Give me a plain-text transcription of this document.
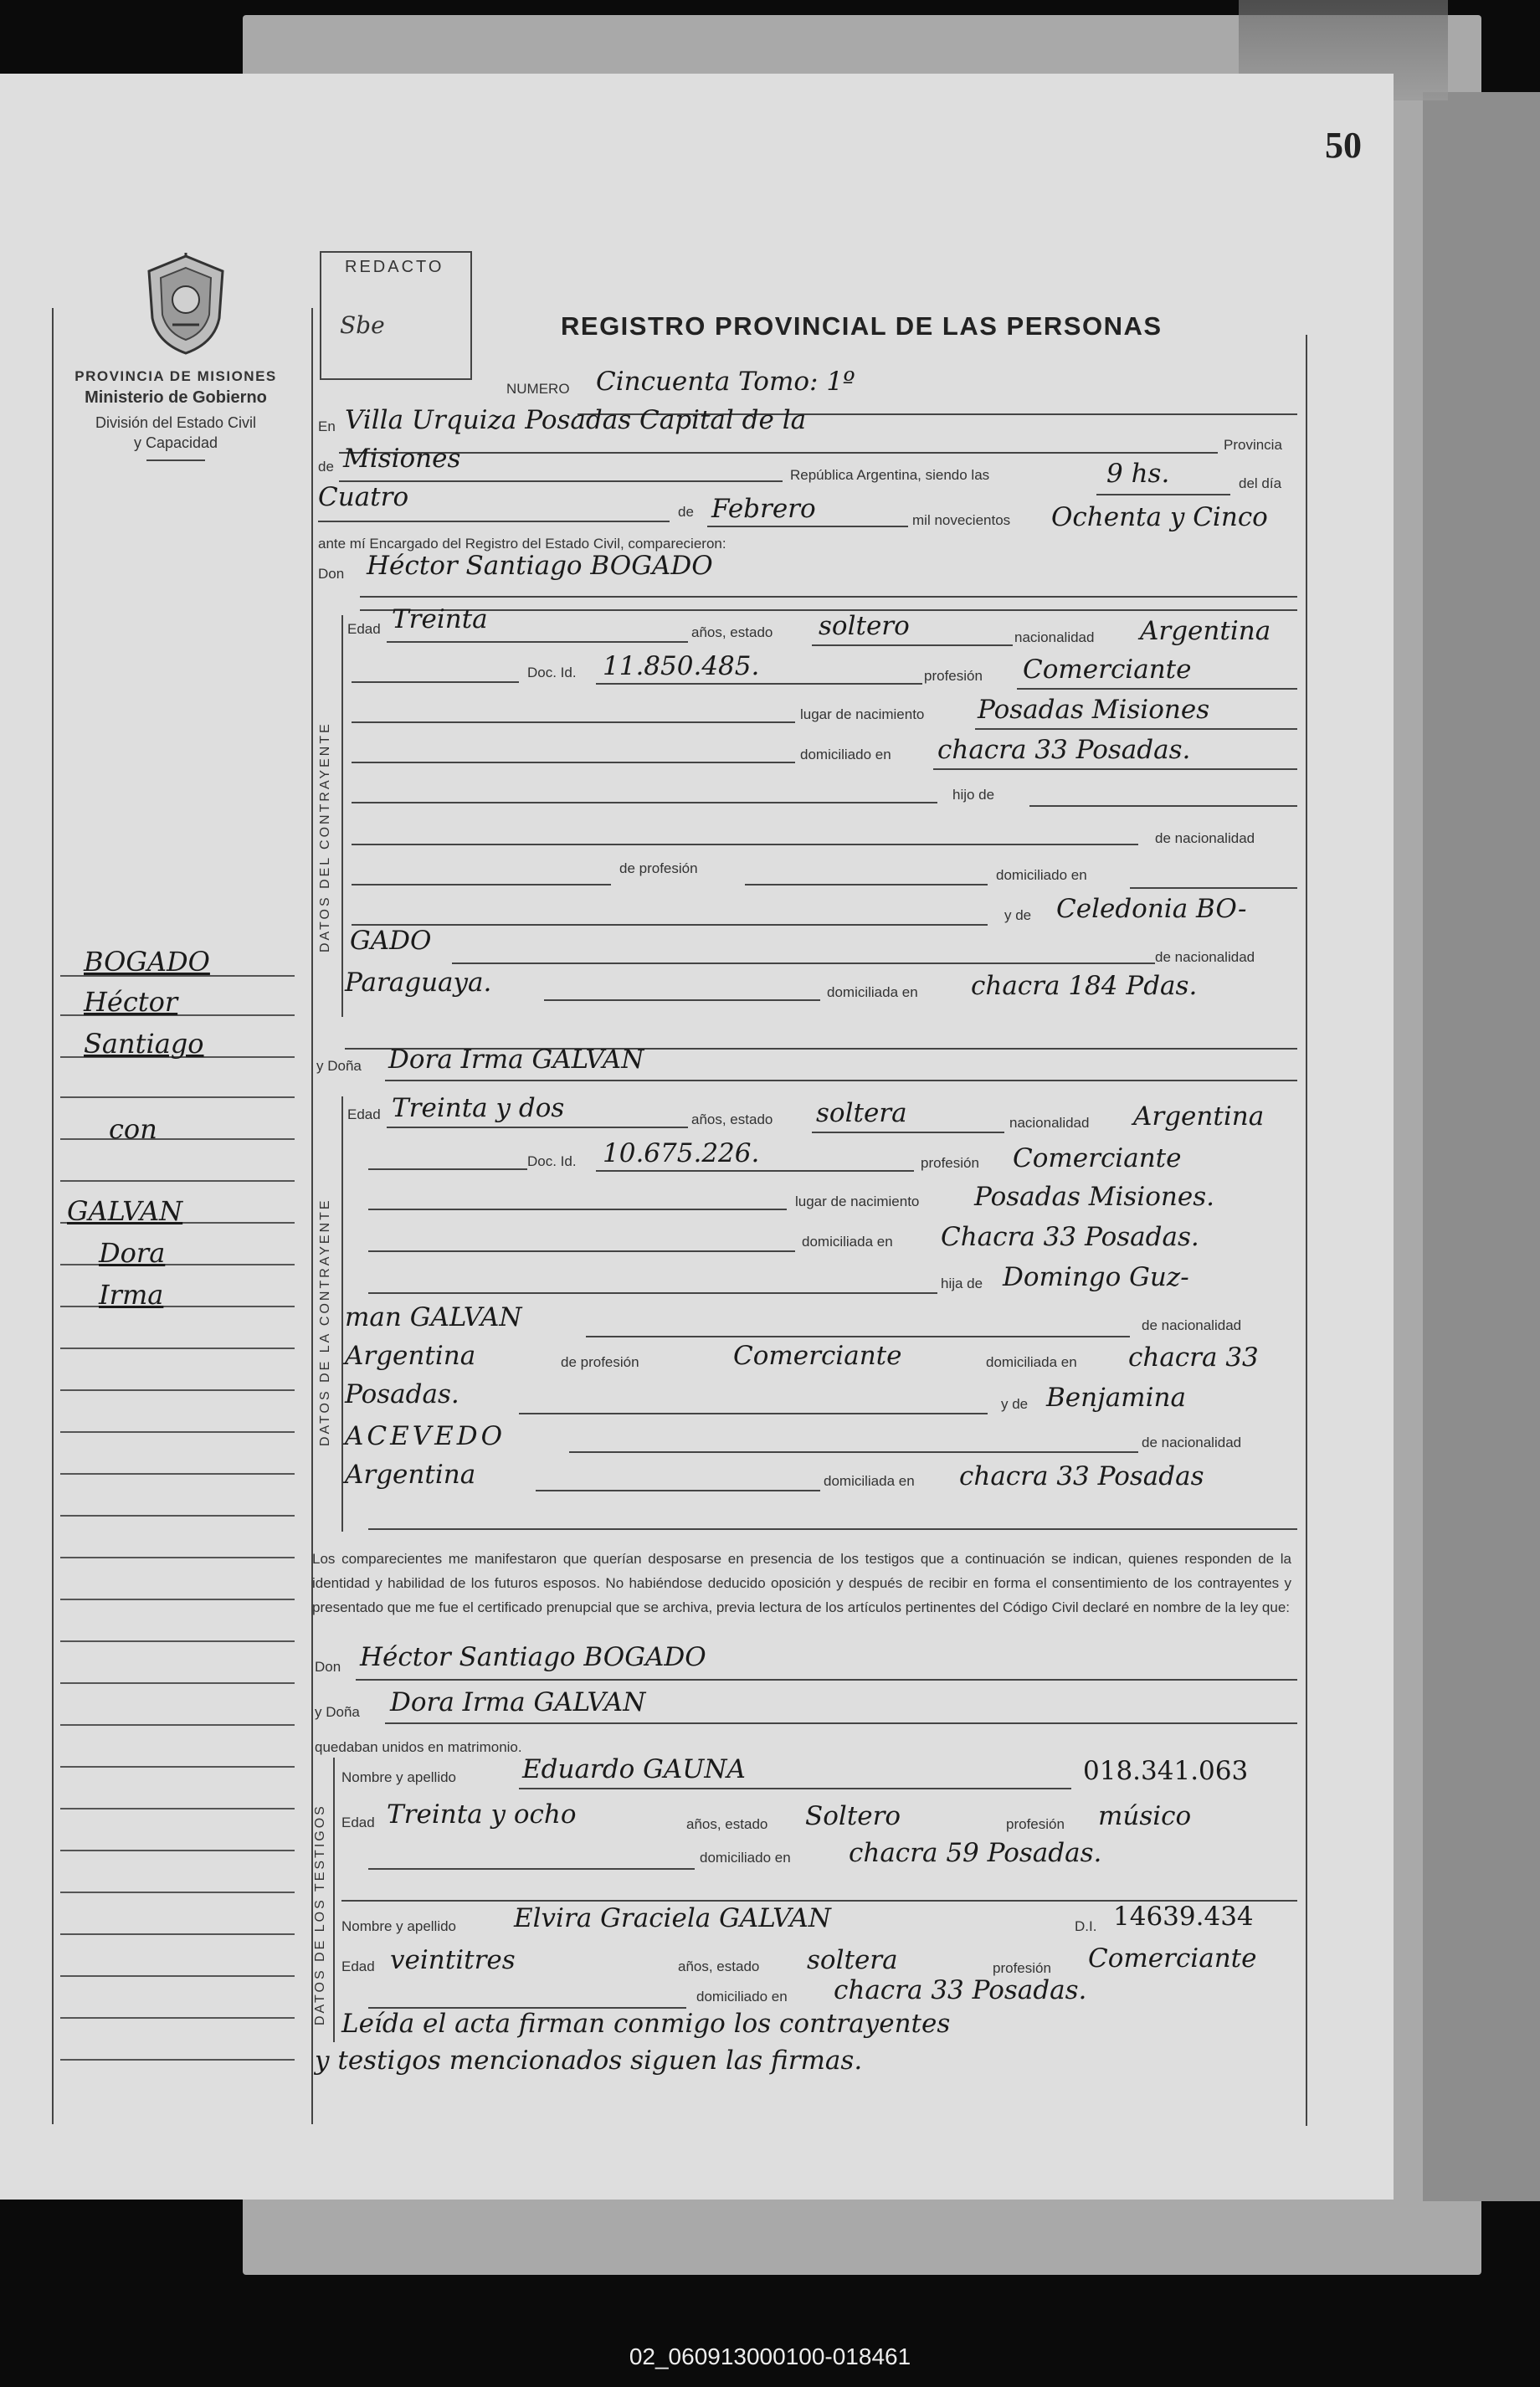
50
PROVINCIA DE MISIONES
Ministerio de Gobierno
División del Estado Civil
y Capacidad
REDACTO
Sbe	REGISTRO PROVINCIAL DE LAS PERSONAS
BOGADO
Héctor
Santiago
con
GALVAN
Dora
Irma
NUMERO Cincuenta Tomo: 1º
En Villa Urquiza Posadas Capital de la
Provincia
de Misiones
República Argentina, siendo las	9 hs.	del día
Cuatro	de Febrero	mil novecientos Ochenta y Cinco
ante mí Encargado del Registro del Estado Civil, comparecieron:
Don Héctor Santiago BOGADO
DATOS DEL CONTRAYENTE
Edad Treinta	años, estado soltero	nacionalidad Argentina
Doc. Id. 11.850.485.	profesión Comerciante
lugar de nacimiento Posadas Misiones
domiciliado en chacra 33 Posadas.
hijo de
de nacionalidad
de profesión	domiciliado en
y de Celedonia BO-
GADO
de nacionalidad
Paraguaya.	domiciliada en chacra 184 Pdas.
y Doña Dora Irma GALVAN
DATOS DE LA CONTRAYENTE
Edad Treinta y dos	años, estado soltera	nacionalidad Argentina
Doc. Id. 10.675.226.	profesión Comerciante
lugar de nacimiento Posadas Misiones.
domiciliada en Chacra 33 Posadas.
hija de Domingo Guz-
man GALVAN	de nacionalidad
Argentina	de profesión	Comerciante	domiciliada en chacra 33
Posadas.	y de Benjamina
ACEVEDO	de nacionalidad
Argentina	domiciliada en chacra 33 Posadas
Los comparecientes me manifestaron que querían desposarse en presencia de los testigos que a continuación se indican, quienes responden de la identidad y habilidad de los futuros esposos. No habiéndose deducido oposición y después de recibir en forma el consentimiento de los contrayentes y presentado que me fue el certificado prenupcial que se archiva, previa lectura de los artículos pertinentes del Código Civil declaré en nombre de la ley que:
Don Héctor Santiago BOGADO
y Doña Dora Irma GALVAN
quedaban unidos en matrimonio.
DATOS DE LOS TESTIGOS
Nombre y apellido	Eduardo GAUNA	018.341.063
Edad Treinta y ocho	años, estado Soltero	profesión músico
domiciliado en chacra 59 Posadas.
Nombre y apellido Elvira Graciela GALVAN	D.I. 14639.434
Edad veintitres	años, estado soltera	profesión Comerciante
domiciliado en chacra 33 Posadas.
Leída el acta firman conmigo los contrayentes
y testigos mencionados siguen las firmas.
02_060913000100-018461
